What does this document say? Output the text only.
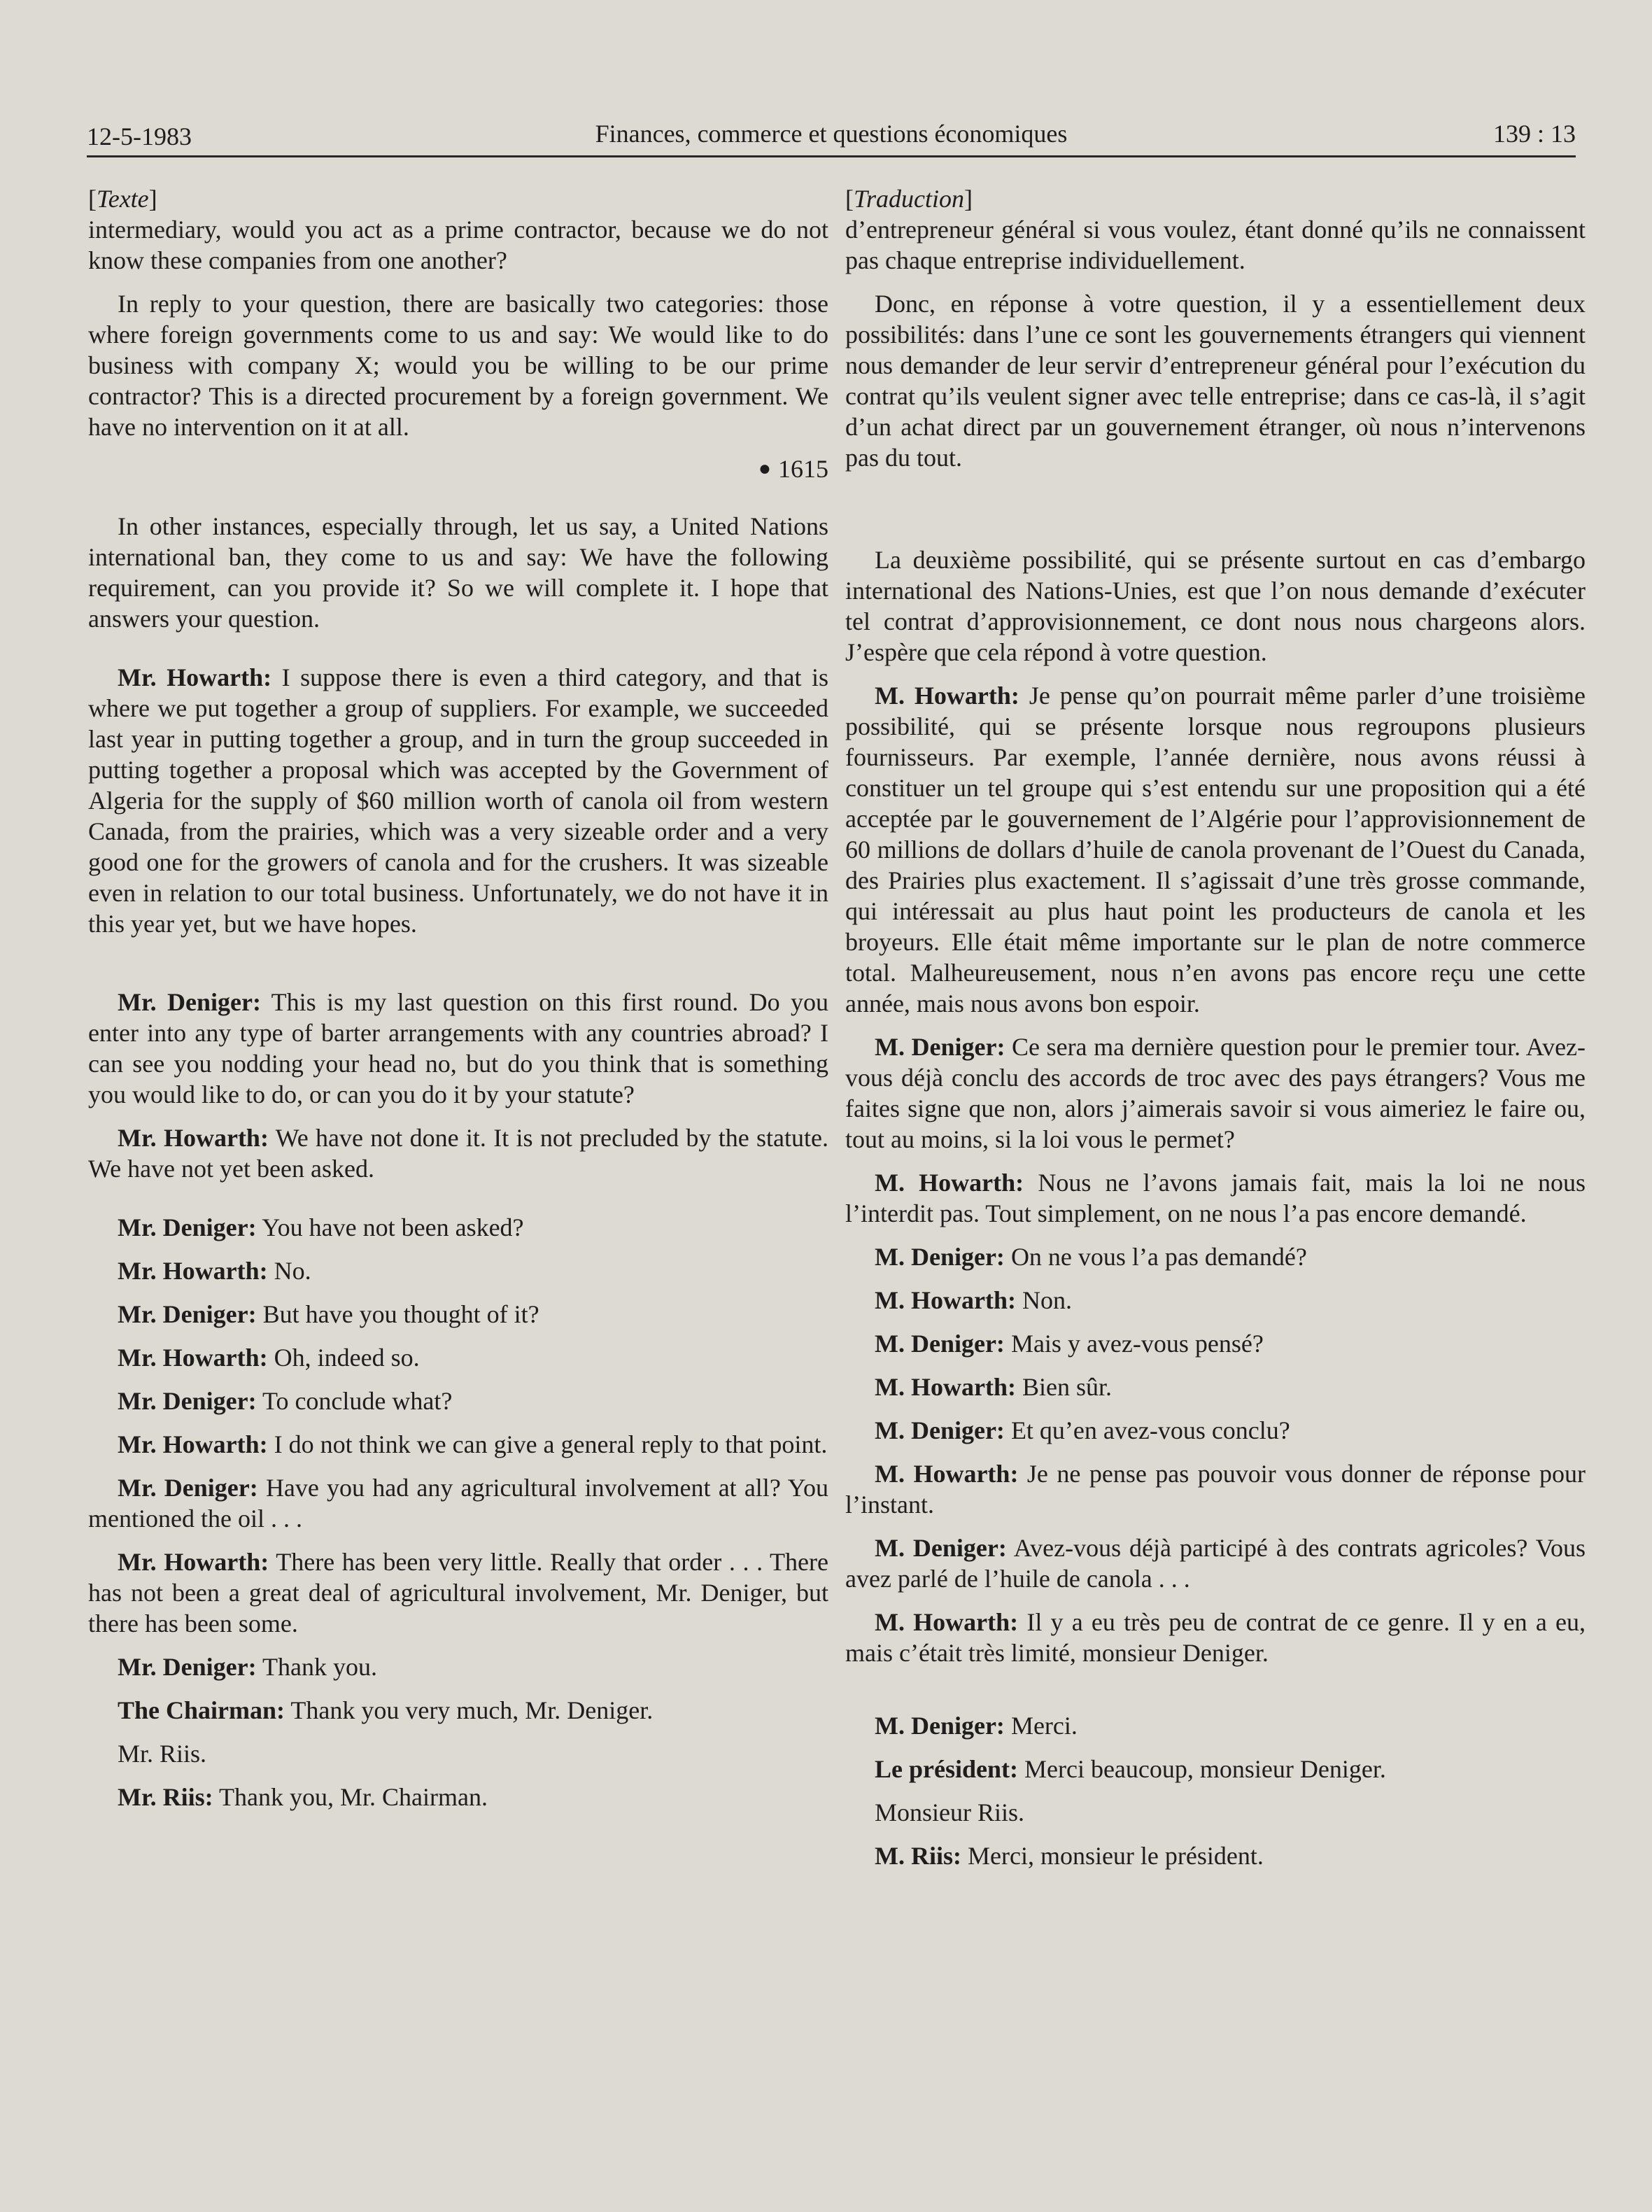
12-5-1983	Finances, commerce et questions économiques	139 : 13

[ Texte ]

intermediary, would you act as a prime contractor, because we do not know these companies from one another?

In reply to your question, there are basically two categories: those where foreign governments come to us and say: We would like to do business with company X; would you be willing to be our prime contractor? This is a directed procurement by a foreign government. We have no intervention on it at all.

● 1615

In other instances, especially through, let us say, a United Nations international ban, they come to us and say: We have the following requirement, can you provide it? So we will complete it. I hope that answers your question.

Mr. Howarth: I suppose there is even a third category, and that is where we put together a group of suppliers. For example, we succeeded last year in putting together a group, and in turn the group succeeded in putting together a proposal which was accepted by the Government of Algeria for the supply of $60 million worth of canola oil from western Canada, from the prairies, which was a very sizeable order and a very good one for the growers of canola and for the crushers. It was sizeable even in relation to our total business. Unfortunately, we do not have it in this year yet, but we have hopes.

Mr. Deniger: This is my last question on this first round. Do you enter into any type of barter arrangements with any countries abroad? I can see you nodding your head no, but do you think that is something you would like to do, or can you do it by your statute?

Mr. Howarth: We have not done it. It is not precluded by the statute. We have not yet been asked.

Mr. Deniger: You have not been asked?

Mr. Howarth: No.

Mr. Deniger: But have you thought of it?

Mr. Howarth: Oh, indeed so.

Mr. Deniger: To conclude what?

Mr. Howarth: I do not think we can give a general reply to that point.

Mr. Deniger: Have you had any agricultural involvement at all? You mentioned the oil . . .

Mr. Howarth: There has been very little. Really that order . . . There has not been a great deal of agricultural involvement, Mr. Deniger, but there has been some.

Mr. Deniger: Thank you.

The Chairman: Thank you very much, Mr. Deniger.

Mr. Riis.

Mr. Riis: Thank you, Mr. Chairman.

[ Traduction ]

d’entrepreneur général si vous voulez, étant donné qu’ils ne connaissent pas chaque entreprise individuellement.

Donc, en réponse à votre question, il y a essentiellement deux possibilités: dans l’une ce sont les gouvernements étrangers qui viennent nous demander de leur servir d’entrepreneur général pour l’exécution du contrat qu’ils veulent signer avec telle entreprise; dans ce cas-là, il s’agit d’un achat direct par un gouvernement étranger, où nous n’intervenons pas du tout.

La deuxième possibilité, qui se présente surtout en cas d’embargo international des Nations-Unies, est que l’on nous demande d’exécuter tel contrat d’approvisionnement, ce dont nous nous chargeons alors. J’espère que cela répond à votre question.

M. Howarth: Je pense qu’on pourrait même parler d’une troisième possibilité, qui se présente lorsque nous regroupons plusieurs fournisseurs. Par exemple, l’année dernière, nous avons réussi à constituer un tel groupe qui s’est entendu sur une proposition qui a été acceptée par le gouvernement de l’Algérie pour l’approvisionnement de 60 millions de dollars d’huile de canola provenant de l’Ouest du Canada, des Prairies plus exactement. Il s’agissait d’une très grosse commande, qui intéressait au plus haut point les producteurs de canola et les broyeurs. Elle était même importante sur le plan de notre commerce total. Malheureusement, nous n’en avons pas encore reçu une cette année, mais nous avons bon espoir.

M. Deniger: Ce sera ma dernière question pour le premier tour. Avez-vous déjà conclu des accords de troc avec des pays étrangers? Vous me faites signe que non, alors j’aimerais savoir si vous aimeriez le faire ou, tout au moins, si la loi vous le permet?

M. Howarth: Nous ne l’avons jamais fait, mais la loi ne nous l’interdit pas. Tout simplement, on ne nous l’a pas encore demandé.

M. Deniger: On ne vous l’a pas demandé?

M. Howarth: Non.

M. Deniger: Mais y avez-vous pensé?

M. Howarth: Bien sûr.

M. Deniger: Et qu’en avez-vous conclu?

M. Howarth: Je ne pense pas pouvoir vous donner de réponse pour l’instant.

M. Deniger: Avez-vous déjà participé à des contrats agricoles? Vous avez parlé de l’huile de canola . . .

M. Howarth: Il y a eu très peu de contrat de ce genre. Il y en a eu, mais c’était très limité, monsieur Deniger.

M. Deniger: Merci.

Le président: Merci beaucoup, monsieur Deniger.

Monsieur Riis.

M. Riis: Merci, monsieur le président.
